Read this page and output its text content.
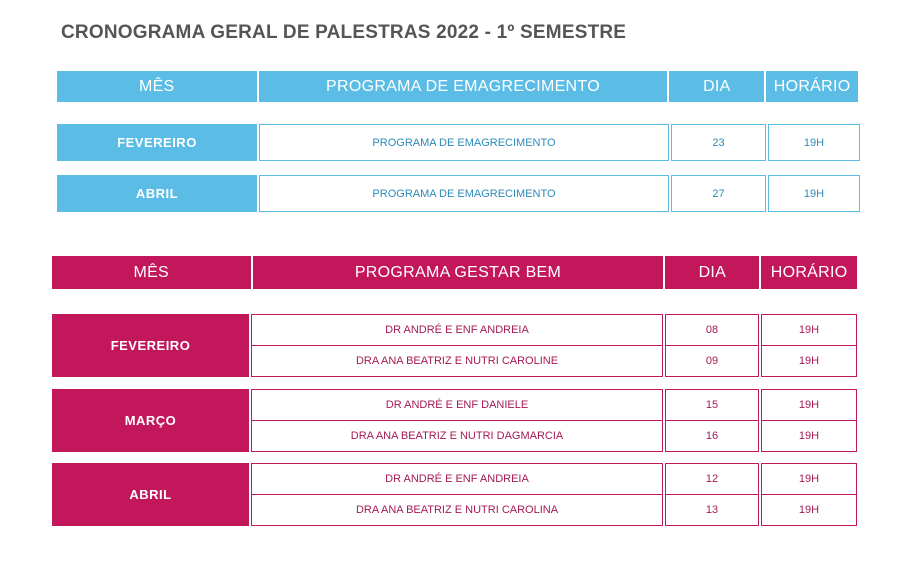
CRONOGRAMA GERAL DE PALESTRAS 2022 - 1º SEMESTRE
MÊS	PROGRAMA DE EMAGRECIMENTO	DIA	HORÁRIO
FEVEREIRO	PROGRAMA DE EMAGRECIMENTO	23	19H
ABRIL	PROGRAMA DE EMAGRECIMENTO	27	19H
MÊS	PROGRAMA GESTAR BEM	DIA	HORÁRIO
FEVEREIRO
DR ANDRÉ E ENF ANDREIA	08	19H
DRA ANA BEATRIZ E NUTRI CAROLINE	09	19H
MARÇO
DR ANDRÉ E ENF DANIELE	15	19H
DRA ANA BEATRIZ E NUTRI DAGMARCIA	16	19H
ABRIL
DR ANDRÉ E ENF ANDREIA	12	19H
DRA ANA BEATRIZ E NUTRI CAROLINA	13	19H
